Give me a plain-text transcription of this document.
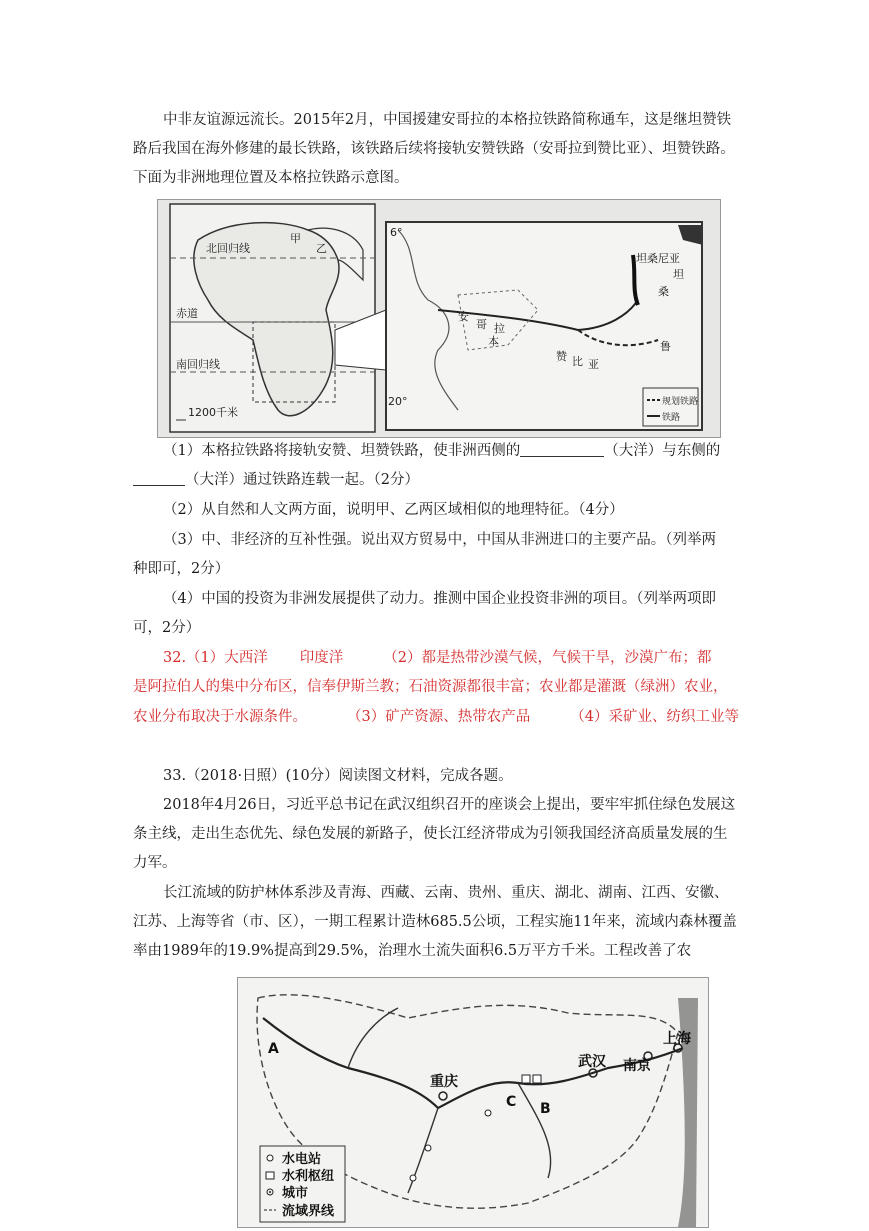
中非友谊源远流长。2015年2月，中国援建安哥拉的本格拉铁路简称通车，这是继坦赞铁路后我国在海外修建的最长铁路，该铁路后续将接轨安赞铁路（安哥拉到赞比亚）、坦赞铁路。下面为非洲地理位置及本格拉铁路示意图。

北回归线
赤道
南回归线
甲
乙
1200千米
安
哥 拉
本
赞 比 亚
坦
桑
鲁
坦桑尼亚
20°
6°
规划铁路
铁路

（1）本格拉铁路将接轨安赞、坦赞铁路，使非洲西侧的	（大洋）与东侧的

（大洋）通过铁路连载一起。（2分）

（2）从自然和人文两方面，说明甲、乙两区域相似的地理特征。（4分）

（3）中、非经济的互补性强。说出双方贸易中，中国从非洲进口的主要产品。（列举两

种即可，2分）

（4）中国的投资为非洲发展提供了动力。推测中国企业投资非洲的项目。（列举两项即

可，2分）

32.（1）大西洋 印度洋	（2）都是热带沙漠气候，气候干旱，沙漠广布；都

是阿拉伯人的集中分布区，信奉伊斯兰教；石油资源都很丰富；农业都是灌溉（绿洲）农业，

农业分布取决于水源条件。	（3）矿产资源、热带农产品	（4）采矿业、纺织工业等

33.（2018·日照）(10分）阅读图文材料，完成各题。

2018年4月26日，习近平总书记在武汉组织召开的座谈会上提出，要牢牢抓住绿色发展这条主线，走出生态优先、绿色发展的新路子，使长江经济带成为引领我国经济高质量发展的生力军。

长江流域的防护林体系涉及青海、西藏、云南、贵州、重庆、湖北、湖南、江西、安徽、江苏、上海等省（市、区），一期工程累计造林685.5公顷，工程实施11年来，流域内森林覆盖率由1989年的19.9%提高到29.5%，治理水土流失面积6.5万平方千米。工程改善了农

上海
南京
武汉
重庆
A
B
C
水电站
水利枢纽
城市
流域界线
